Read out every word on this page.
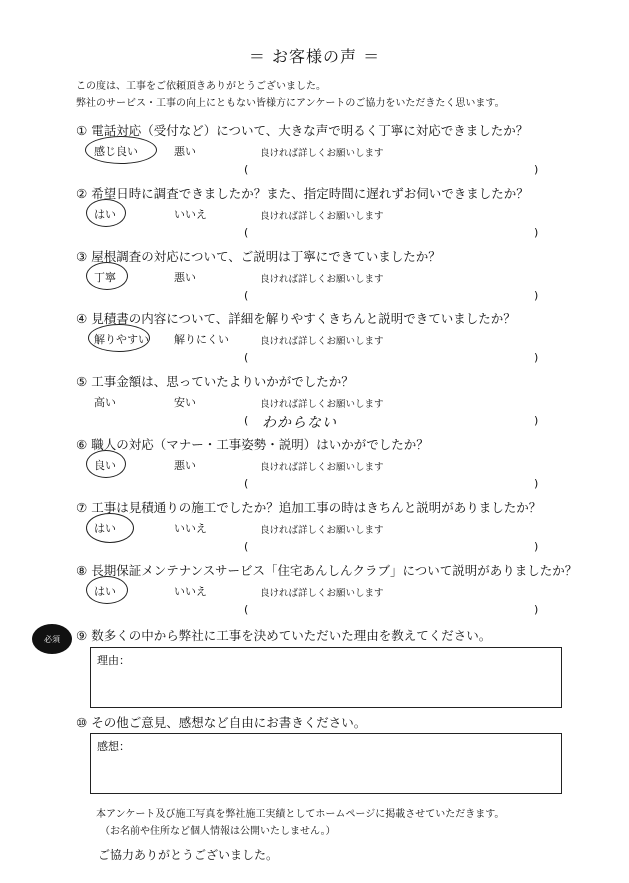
＝ お客様の声 ＝
この度は、工事をご依頼頂きありがとうございました。
弊社のサービス・工事の向上にともない皆様方にアンケートのご協力をいただきたく思います。
① 電話対応（受付など）について、大きな声で明るく丁寧に対応できましたか？
感じ良い	悪い	良ければ詳しくお願いします
(	)
② 希望日時に調査できましたか？また、指定時間に遅れずお伺いできましたか？
はい	いいえ	良ければ詳しくお願いします
(	)
③ 屋根調査の対応について、ご説明は丁寧にできていましたか？
丁寧	悪い	良ければ詳しくお願いします
(	)
④ 見積書の内容について、詳細を解りやすくきちんと説明できていましたか？
解りやすい 解りにくい	良ければ詳しくお願いします
(	)
⑤ 工事金額は、思っていたよりいかがでしたか？
高い	安い	良ければ詳しくお願いします
( わからない	)
⑥ 職人の対応（マナー・工事姿勢・説明）はいかがでしたか？
良い	悪い	良ければ詳しくお願いします
(	)
⑦ 工事は見積通りの施工でしたか？追加工事の時はきちんと説明がありましたか？
はい	いいえ	良ければ詳しくお願いします
(	)
⑧ 長期保証メンテナンスサービス「住宅あんしんクラブ」について説明がありましたか？
はい	いいえ	良ければ詳しくお願いします
(	)
必須	⑨ 数多くの中から弊社に工事を決めていただいた理由を教えてください。
理由：
⑩ その他ご意見、感想など自由にお書きください。
感想：
本アンケート及び施工写真を弊社施工実績としてホームページに掲載させていただきます。
（お名前や住所など個人情報は公開いたしません。）
ご協力ありがとうございました。
